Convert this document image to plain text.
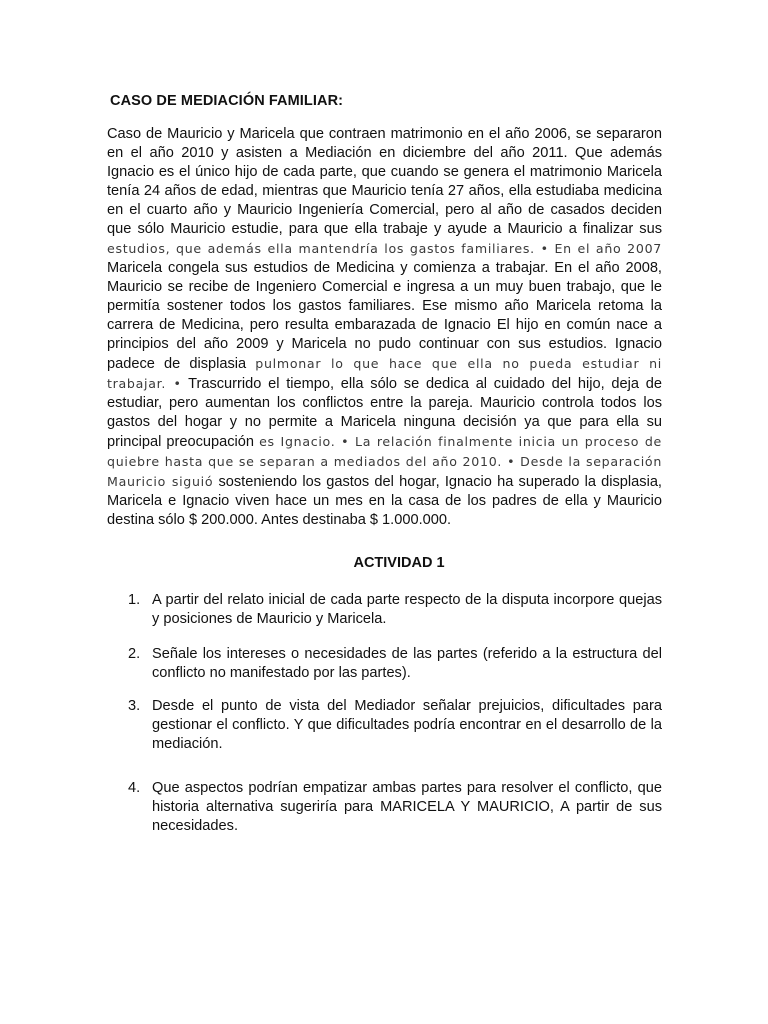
CASO DE MEDIACIÓN FAMILIAR:

Caso de Mauricio y Maricela que contraen matrimonio en el año 2006, se separaron en el año 2010 y asisten a Mediación en diciembre del año 2011. Que además Ignacio es el único hijo de cada parte, que cuando se genera el matrimonio Maricela tenía 24 años de edad, mientras que Mauricio tenía 27 años, ella estudiaba medicina en el cuarto año y Mauricio Ingeniería Comercial, pero al año de casados deciden que sólo Mauricio estudie, para que ella trabaje y ayude a Mauricio a finalizar sus estudios, que además ella mantendría los gastos familiares. • En el año 2007 Maricela congela sus estudios de Medicina y comienza a trabajar. En el año 2008, Mauricio se recibe de Ingeniero Comercial e ingresa a un muy buen trabajo, que le permitía sostener todos los gastos familiares. Ese mismo año Maricela retoma la carrera de Medicina, pero resulta embarazada de Ignacio El hijo en común nace a principios del año 2009 y Maricela no pudo continuar con sus estudios. Ignacio padece de displasia pulmonar lo que hace que ella no pueda estudiar ni trabajar. • Trascurrido el tiempo, ella sólo se dedica al cuidado del hijo, deja de estudiar, pero aumentan los conflictos entre la pareja. Mauricio controla todos los gastos del hogar y no permite a Maricela ninguna decisión ya que para ella su principal preocupación es Ignacio. • La relación finalmente inicia un proceso de quiebre hasta que se separan a mediados del año 2010. • Desde la separación Mauricio siguió sosteniendo los gastos del hogar, Ignacio ha superado la displasia, Maricela e Ignacio viven hace un mes en la casa de los padres de ella y Mauricio destina sólo $ 200.000. Antes destinaba $ 1.000.000.

ACTIVIDAD 1
1. A partir del relato inicial de cada parte respecto de la disputa incorpore quejas y posiciones de Mauricio y Maricela.
2. Señale los intereses o necesidades de las partes (referido a la estructura del conflicto no manifestado por las partes).
3. Desde el punto de vista del Mediador señalar prejuicios, dificultades para gestionar el conflicto. Y que dificultades podría encontrar en el desarrollo de la mediación.
4. Que aspectos podrían empatizar ambas partes para resolver el conflicto, que historia alternativa sugeriría para MARICELA Y MAURICIO, A partir de sus necesidades.
